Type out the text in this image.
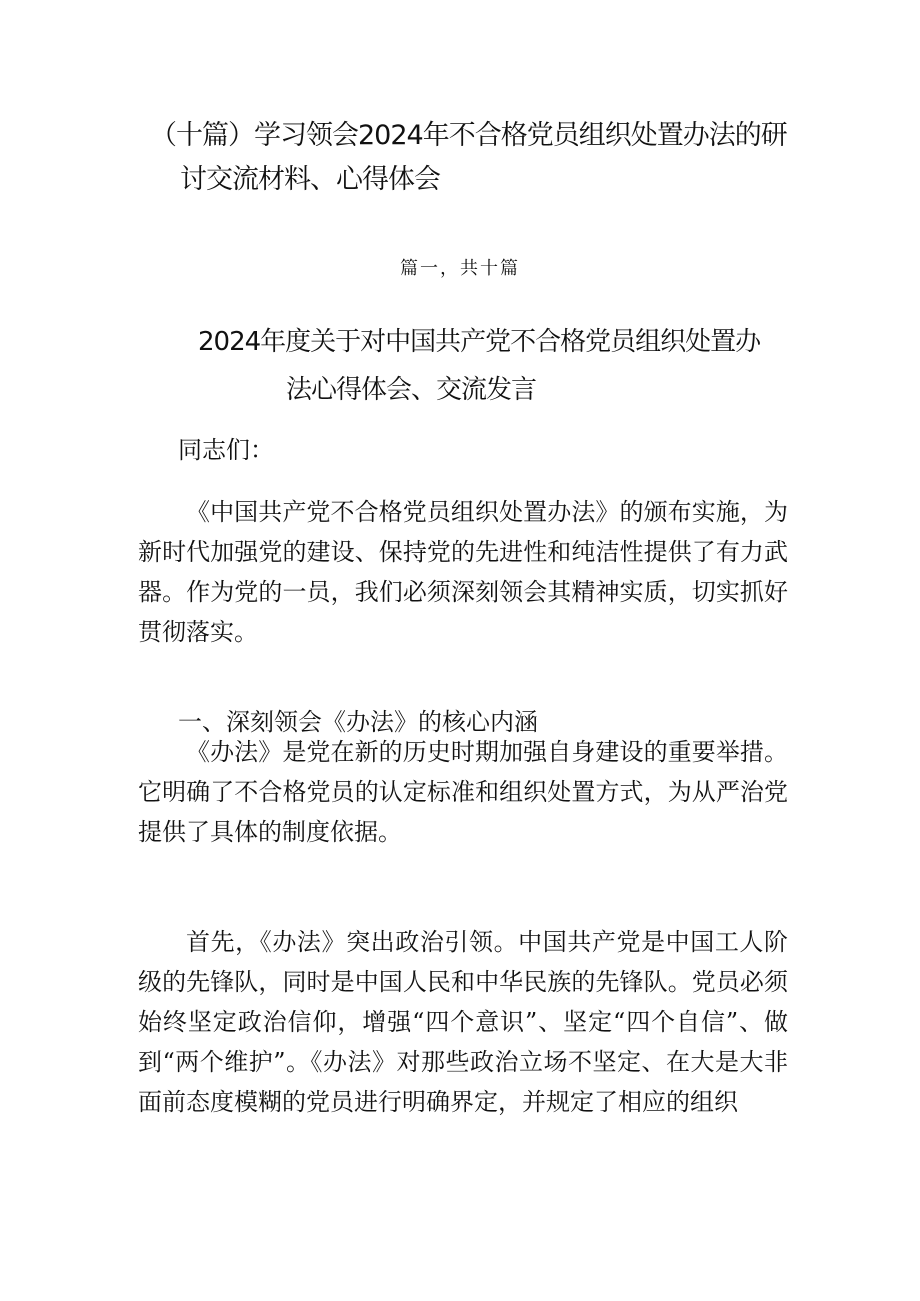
（十篇）学习领会2024年不合格党员组织处置办法的研
讨交流材料、心得体会
篇一，共十篇
2024年度关于对中国共产党不合格党员组织处置办
法心得体会、交流发言

同志们：

《中国共产党不合格党员组织处置办法》的颁布实施，为新时代加强党的建设、保持党的先进性和纯洁性提供了有力武器。作为党的一员，我们必须深刻领会其精神实质，切实抓好贯彻落实。

一、深刻领会《办法》的核心内涵

《办法》是党在新的历史时期加强自身建设的重要举措。它明确了不合格党员的认定标准和组织处置方式，为从严治党提供了具体的制度依据。

首先，《办法》突出政治引领。中国共产党是中国工人阶级的先锋队，同时是中国人民和中华民族的先锋队。党员必须始终坚定政治信仰，增强“四个意识”、坚定“四个自信”、做到“两个维护”。《办法》对那些政治立场不坚定、在大是大非面前态度模糊的党员进行明确界定，并规定了相应的组织
